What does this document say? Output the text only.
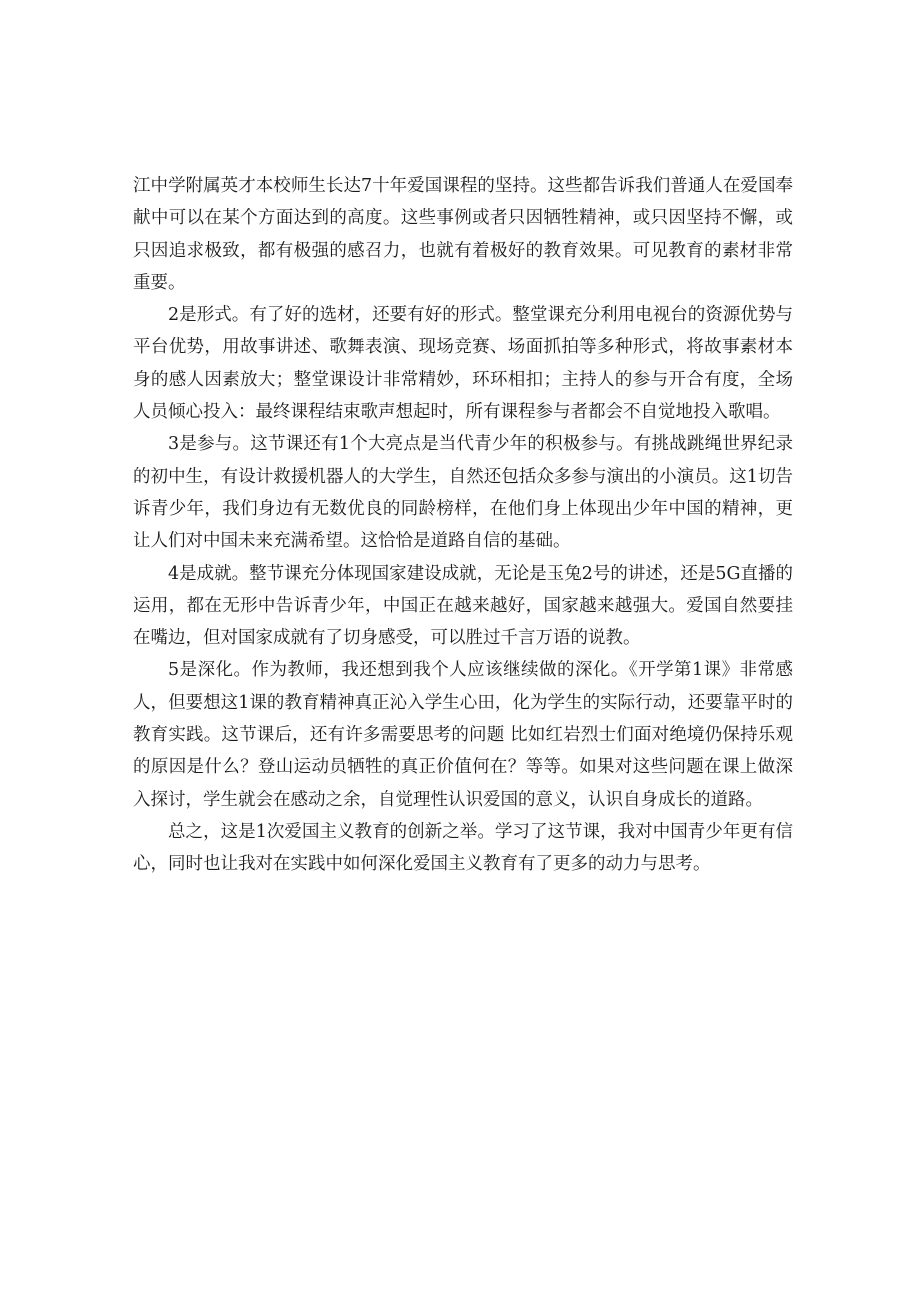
江中学附属英才本校师生长达7十年爱国课程的坚持。这些都告诉我们普通人在爱国奉献中可以在某个方面达到的高度。这些事例或者只因牺牲精神，或只因坚持不懈，或只因追求极致，都有极强的感召力，也就有着极好的教育效果。可见教育的素材非常重要。

2是形式。有了好的选材，还要有好的形式。整堂课充分利用电视台的资源优势与平台优势，用故事讲述、歌舞表演、现场竞赛、场面抓拍等多种形式，将故事素材本身的感人因素放大；整堂课设计非常精妙，环环相扣；主持人的参与开合有度，全场人员倾心投入：最终课程结束歌声想起时，所有课程参与者都会不自觉地投入歌唱。

3是参与。这节课还有1个大亮点是当代青少年的积极参与。有挑战跳绳世界纪录的初中生，有设计救援机器人的大学生，自然还包括众多参与演出的小演员。这1切告诉青少年，我们身边有无数优良的同龄榜样，在他们身上体现出少年中国的精神，更让人们对中国未来充满希望。这恰恰是道路自信的基础。

4是成就。整节课充分体现国家建设成就，无论是玉兔2号的讲述，还是5G直播的运用，都在无形中告诉青少年，中国正在越来越好，国家越来越强大。爱国自然要挂在嘴边，但对国家成就有了切身感受，可以胜过千言万语的说教。

5是深化。作为教师，我还想到我个人应该继续做的深化。《开学第1课》非常感人，但要想这1课的教育精神真正沁入学生心田，化为学生的实际行动，还要靠平时的教育实践。这节课后，还有许多需要思考的问题 比如红岩烈士们面对绝境仍保持乐观的原因是什么？登山运动员牺牲的真正价值何在？等等。如果对这些问题在课上做深入探讨，学生就会在感动之余，自觉理性认识爱国的意义，认识自身成长的道路。

总之，这是1次爱国主义教育的创新之举。学习了这节课，我对中国青少年更有信心，同时也让我对在实践中如何深化爱国主义教育有了更多的动力与思考。
